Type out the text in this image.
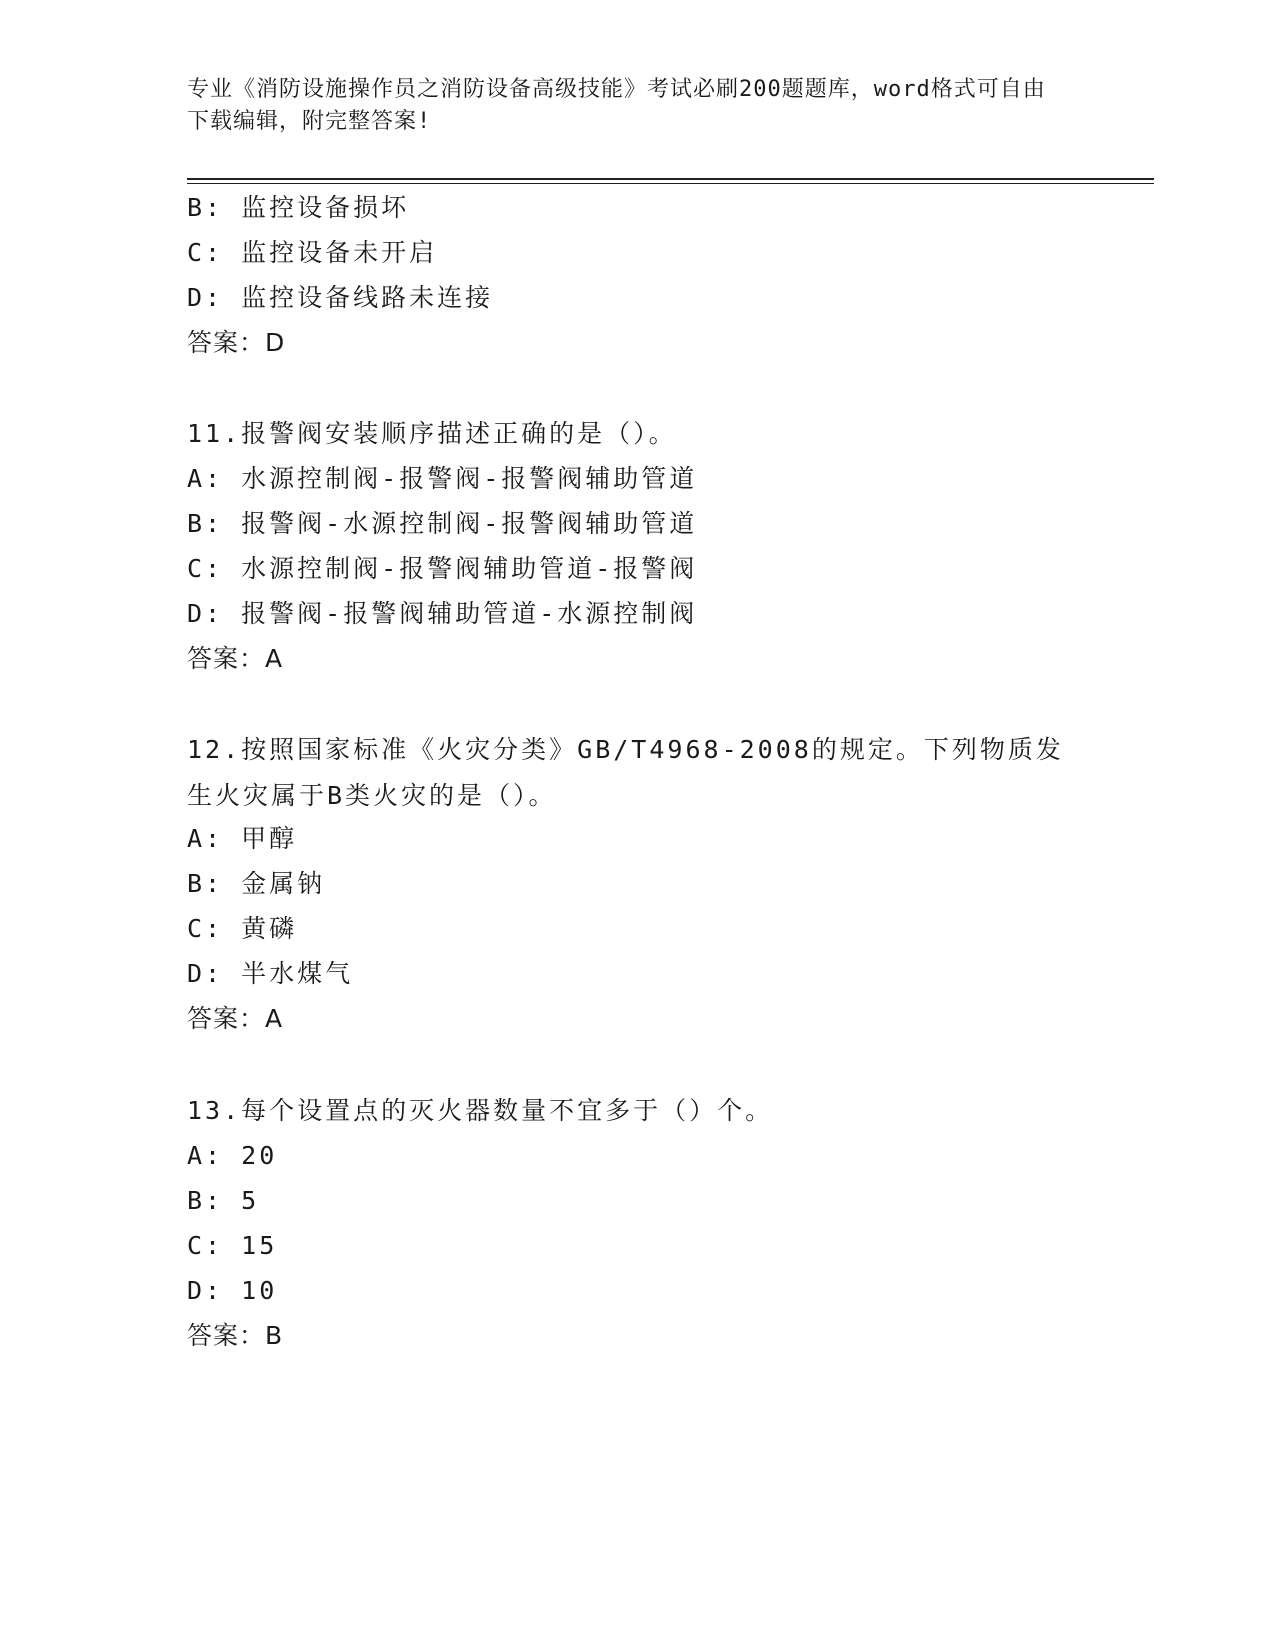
专业《消防设施操作员之消防设备高级技能》考试必刷200题题库，word格式可自由下载编辑，附完整答案!
B: 监控设备损坏
C: 监控设备未开启
D: 监控设备线路未连接
答案：D
11.报警阀安装顺序描述正确的是（）。
A: 水源控制阀-报警阀-报警阀辅助管道
B: 报警阀-水源控制阀-报警阀辅助管道
C: 水源控制阀-报警阀辅助管道-报警阀
D: 报警阀-报警阀辅助管道-水源控制阀
答案：A
12.按照国家标准《火灾分类》GB/T4968-2008的规定。下列物质发生火灾属于B类火灾的是（）。
A: 甲醇
B: 金属钠
C: 黄磷
D: 半水煤气
答案：A
13.每个设置点的灭火器数量不宜多于（）个。
A: 20
B: 5
C: 15
D: 10
答案：B
